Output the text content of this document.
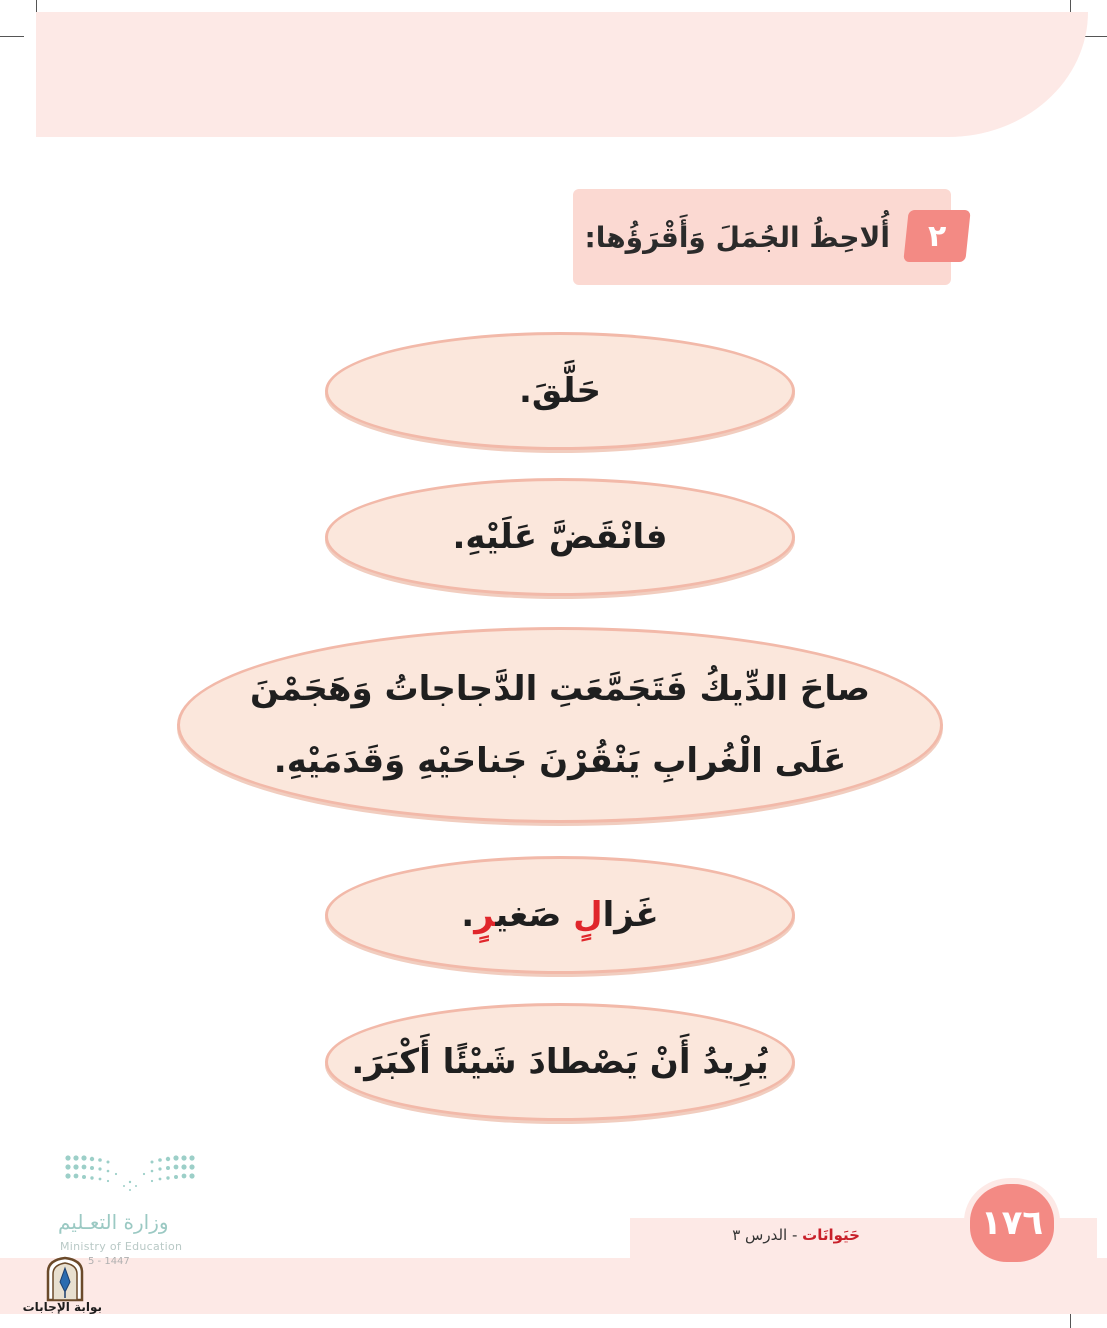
٢
أُلاحِظُ الجُمَلَ وَأَقْرَؤُها:
حَلَّقَ.
فانْقَضَّ عَلَيْهِ.
صاحَ الدِّيكُ فَتَجَمَّعَتِ الدَّجاجاتُ وَهَجَمْنَ
عَلَى الْغُرابِ يَنْقُرْنَ جَناحَيْهِ وَقَدَمَيْهِ.
غَزالٍ صَغيرٍ.
يُرِيدُ أَنْ يَصْطادَ شَيْئًا أَكْبَرَ.
١٧٦
حَيَوانَات - الدرس ٣
وزارة التعـليم
Ministry of Education
5 - 1447
بوابة الإجابات
